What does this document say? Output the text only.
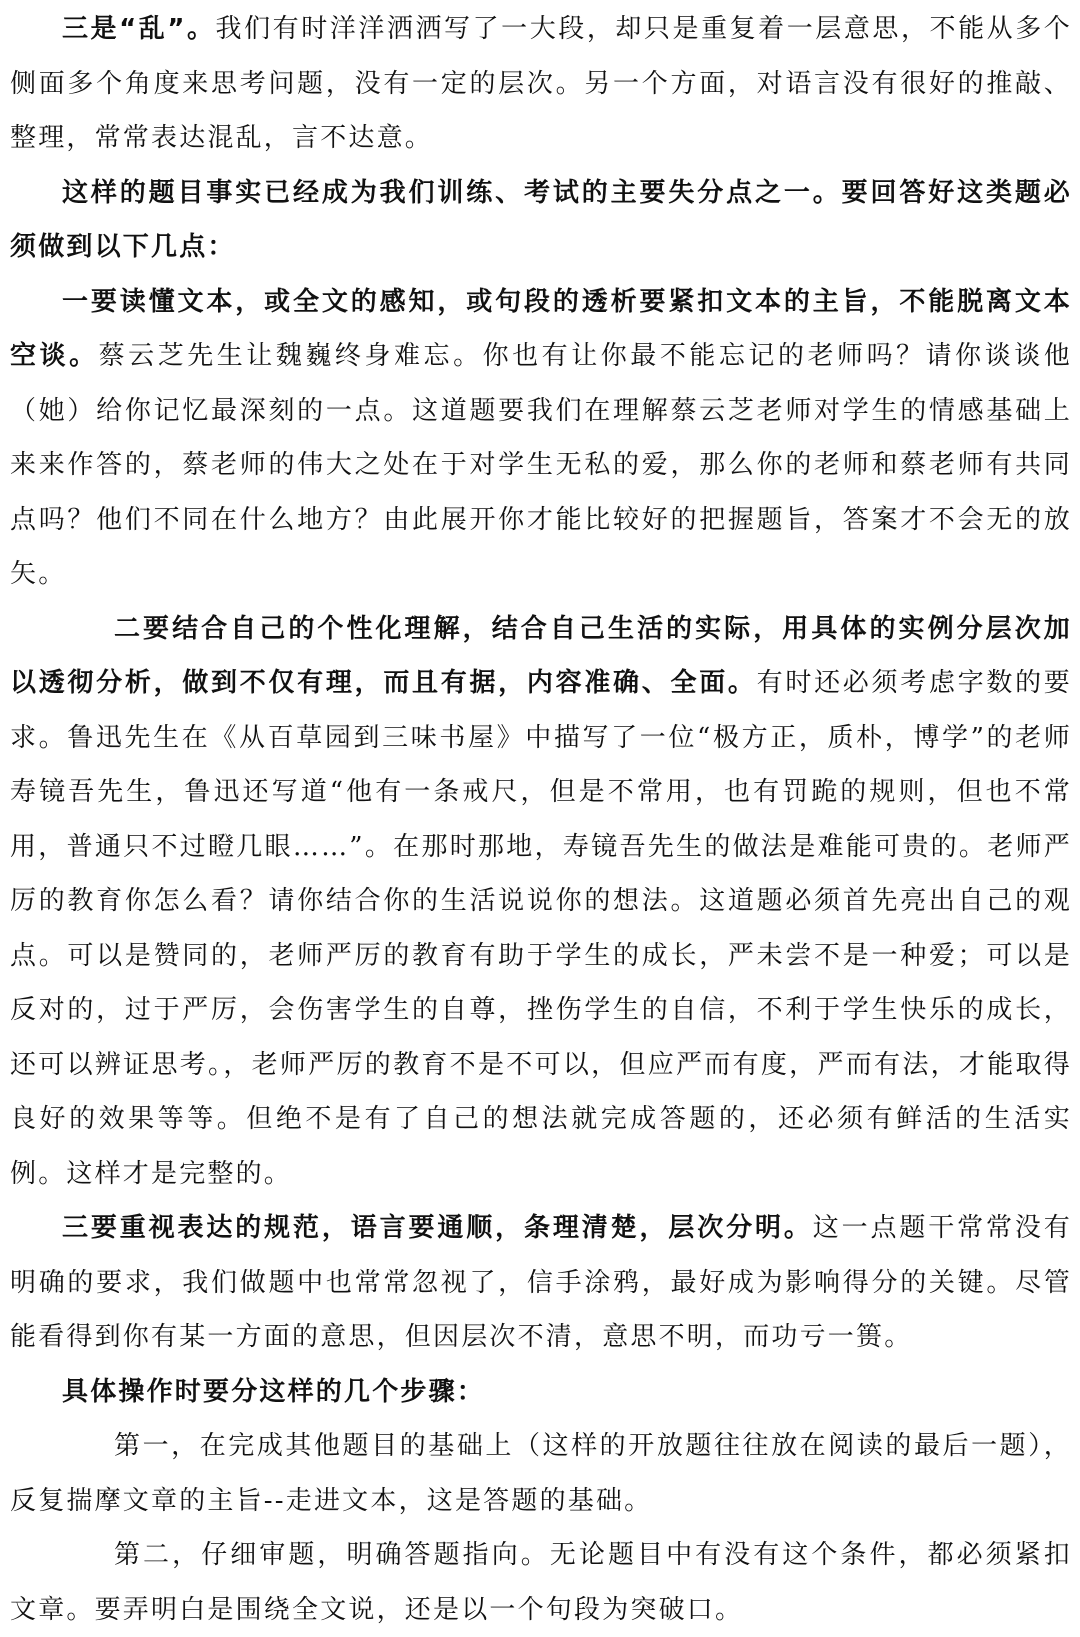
三是“乱”。我们有时洋洋洒洒写了一大段，却只是重复着一层意思，不能从多个侧面多个角度来思考问题，没有一定的层次。另一个方面，对语言没有很好的推敲、整理，常常表达混乱，言不达意。

这样的题目事实已经成为我们训练、考试的主要失分点之一。要回答好这类题必须做到以下几点：

一要读懂文本，或全文的感知，或句段的透析要紧扣文本的主旨，不能脱离文本空谈。蔡云芝先生让魏巍终身难忘。你也有让你最不能忘记的老师吗？请你谈谈他（她）给你记忆最深刻的一点。这道题要我们在理解蔡云芝老师对学生的情感基础上来来作答的，蔡老师的伟大之处在于对学生无私的爱，那么你的老师和蔡老师有共同点吗？他们不同在什么地方？由此展开你才能比较好的把握题旨，答案才不会无的放矢。

二要结合自己的个性化理解，结合自己生活的实际，用具体的实例分层次加以透彻分析，做到不仅有理，而且有据，内容准确、全面。有时还必须考虑字数的要求。鲁迅先生在《从百草园到三味书屋》中描写了一位“极方正，质朴，博学”的老师寿镜吾先生，鲁迅还写道“他有一条戒尺，但是不常用，也有罚跪的规则，但也不常用，普通只不过瞪几眼……”。在那时那地，寿镜吾先生的做法是难能可贵的。老师严厉的教育你怎么看？请你结合你的生活说说你的想法。这道题必须首先亮出自己的观点。可以是赞同的，老师严厉的教育有助于学生的成长，严未尝不是一种爱；可以是反对的，过于严厉，会伤害学生的自尊，挫伤学生的自信，不利于学生快乐的成长，还可以辨证思考。，老师严厉的教育不是不可以，但应严而有度，严而有法，才能取得良好的效果等等。但绝不是有了自己的想法就完成答题的，还必须有鲜活的生活实例。这样才是完整的。

三要重视表达的规范，语言要通顺，条理清楚，层次分明。这一点题干常常没有明确的要求，我们做题中也常常忽视了，信手涂鸦，最好成为影响得分的关键。尽管能看得到你有某一方面的意思，但因层次不清，意思不明，而功亏一篑。

具体操作时要分这样的几个步骤：

第一，在完成其他题目的基础上（这样的开放题往往放在阅读的最后一题），反复揣摩文章的主旨--走进文本，这是答题的基础。

第二，仔细审题，明确答题指向。无论题目中有没有这个条件，都必须紧扣文章。要弄明白是围绕全文说，还是以一个句段为突破口。
